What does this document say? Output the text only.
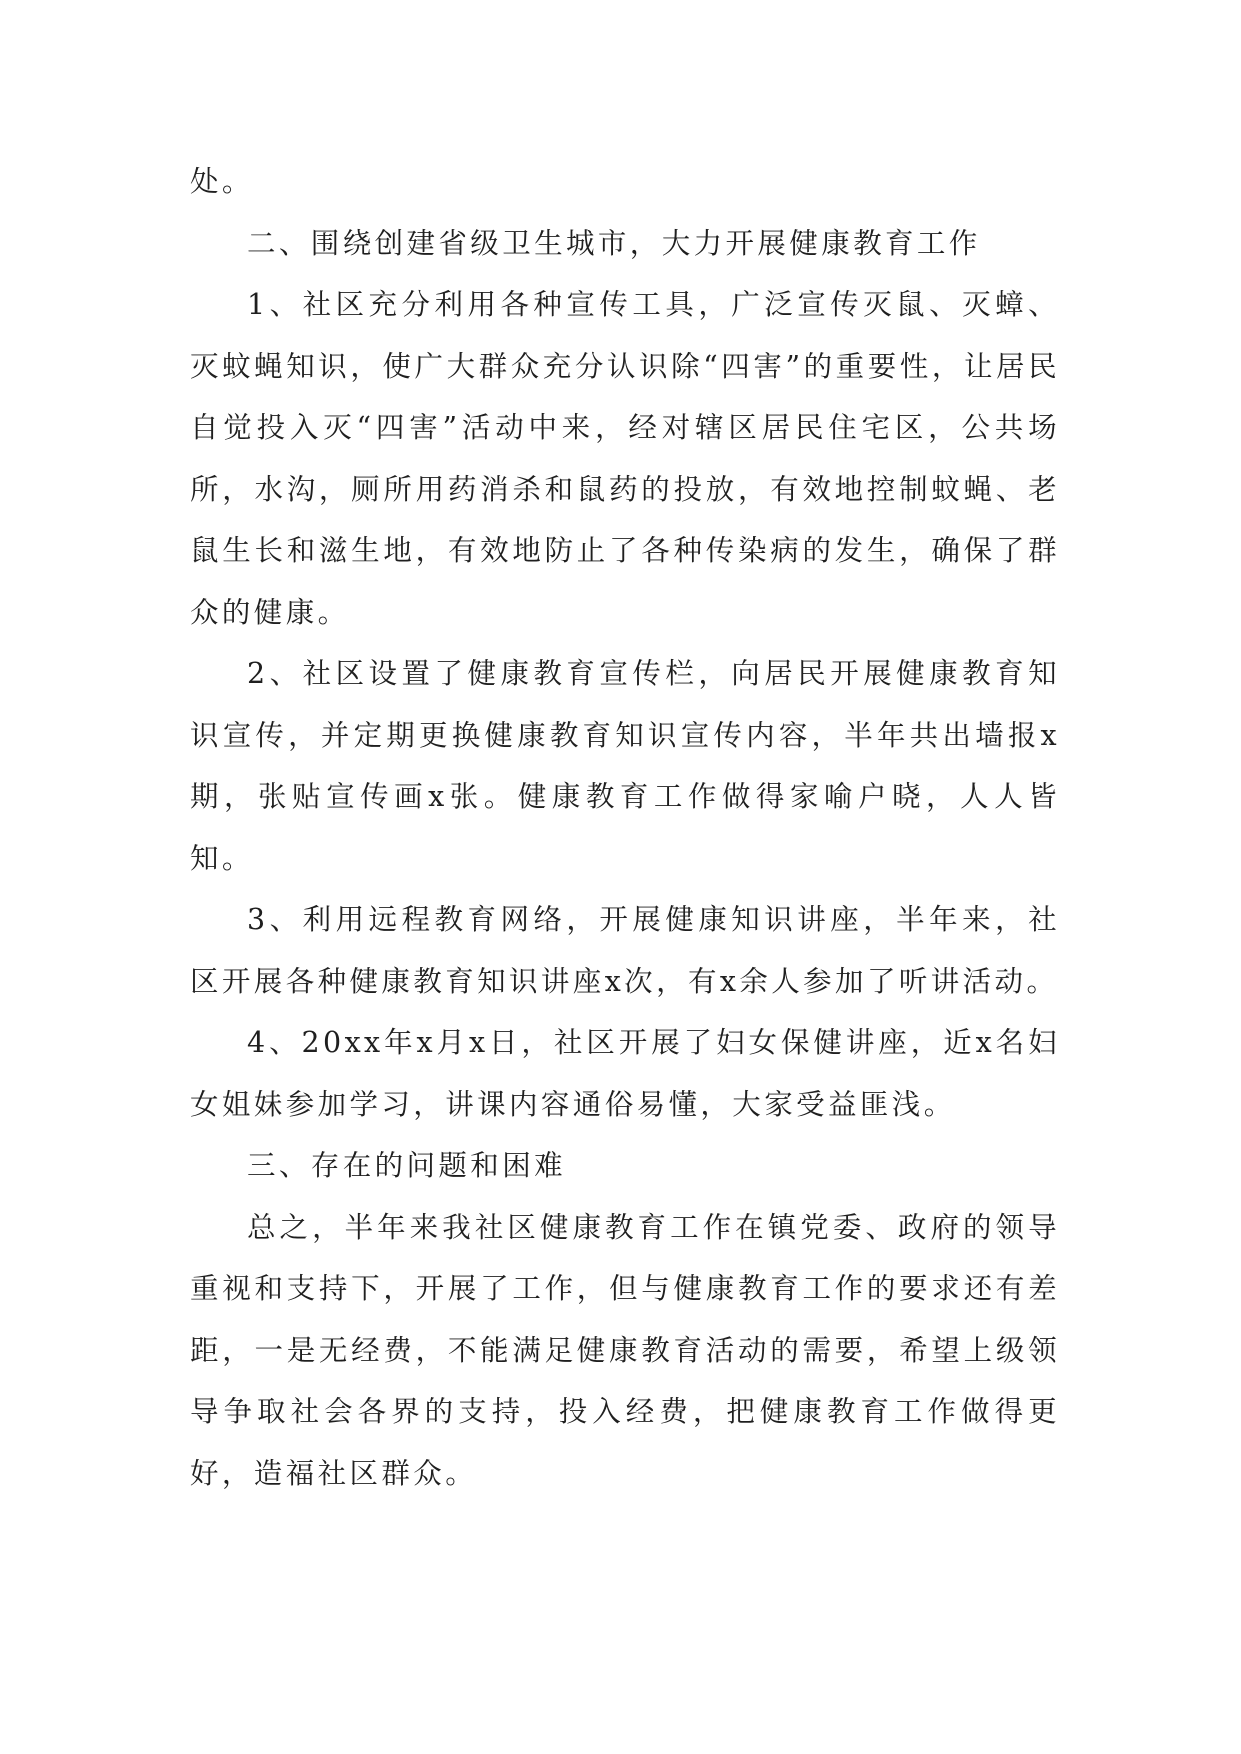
处。

二、围绕创建省级卫生城市，大力开展健康教育工作

1、社区充分利用各种宣传工具，广泛宣传灭鼠、灭蟑、灭蚊蝇知识，使广大群众充分认识除“四害”的重要性，让居民自觉投入灭“四害”活动中来，经对辖区居民住宅区，公共场所，水沟，厕所用药消杀和鼠药的投放，有效地控制蚊蝇、老鼠生长和滋生地，有效地防止了各种传染病的发生，确保了群众的健康。

2、社区设置了健康教育宣传栏，向居民开展健康教育知识宣传，并定期更换健康教育知识宣传内容，半年共出墙报x期，张贴宣传画x张。健康教育工作做得家喻户晓，人人皆知。

3、利用远程教育网络，开展健康知识讲座，半年来，社区开展各种健康教育知识讲座x次，有x余人参加了听讲活动。

4、20xx年x月x日，社区开展了妇女保健讲座，近x名妇女姐妹参加学习，讲课内容通俗易懂，大家受益匪浅。

三、存在的问题和困难

总之，半年来我社区健康教育工作在镇党委、政府的领导重视和支持下，开展了工作，但与健康教育工作的要求还有差距，一是无经费，不能满足健康教育活动的需要，希望上级领导争取社会各界的支持，投入经费，把健康教育工作做得更好，造福社区群众。
